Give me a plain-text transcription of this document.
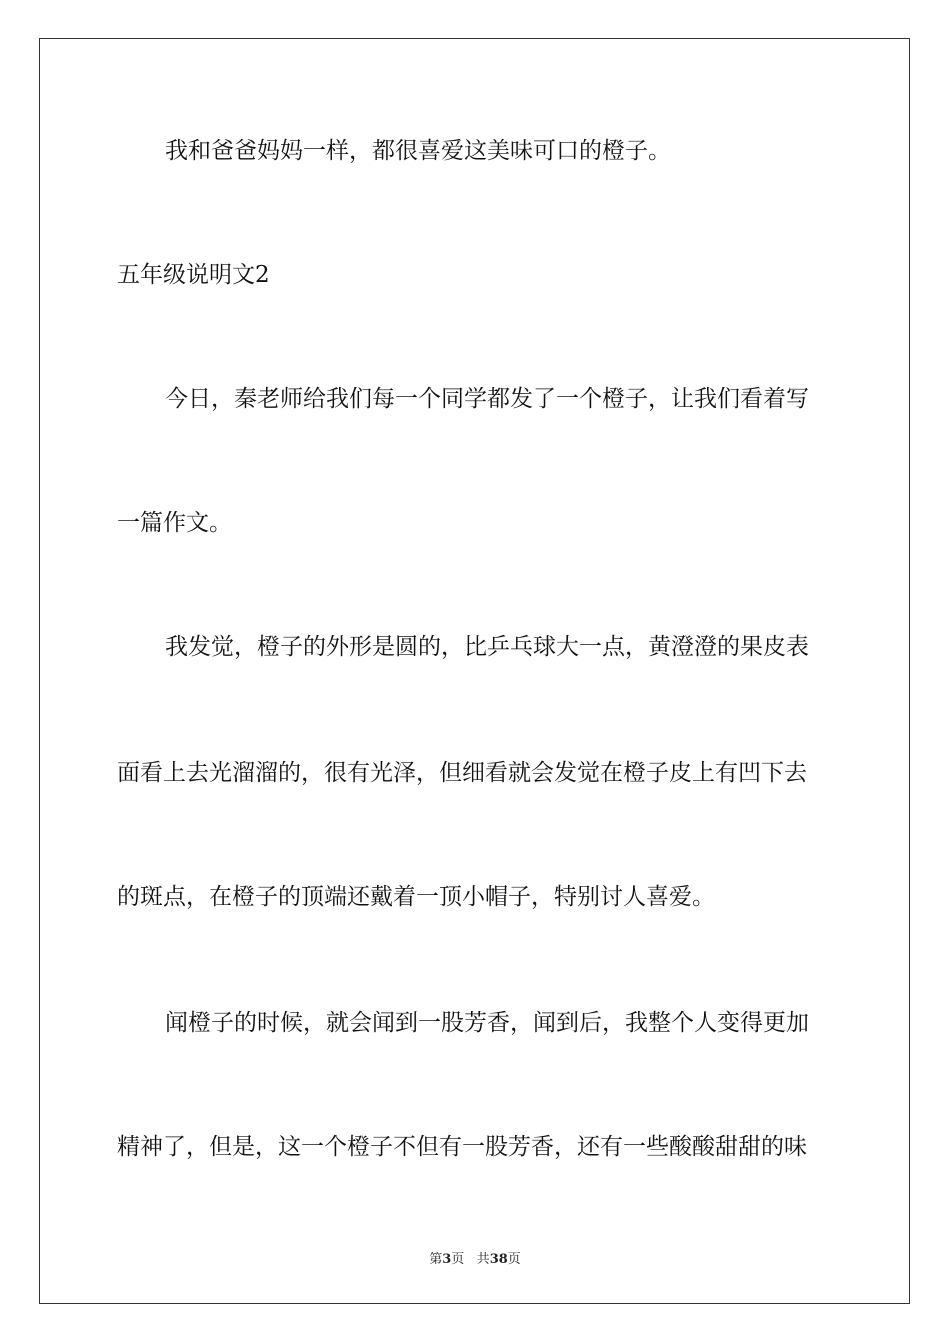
我和爸爸妈妈一样，都很喜爱这美味可口的橙子。

五年级说明文2

今日，秦老师给我们每一个同学都发了一个橙子，让我们看着写

一篇作文。

我发觉，橙子的外形是圆的，比乒乓球大一点，黄澄澄的果皮表

面看上去光溜溜的，很有光泽，但细看就会发觉在橙子皮上有凹下去

的斑点，在橙子的顶端还戴着一顶小帽子，特别讨人喜爱。

闻橙子的时候，就会闻到一股芳香，闻到后，我整个人变得更加

精神了，但是，这一个橙子不但有一股芳香，还有一些酸酸甜甜的味

第3页 共38页
